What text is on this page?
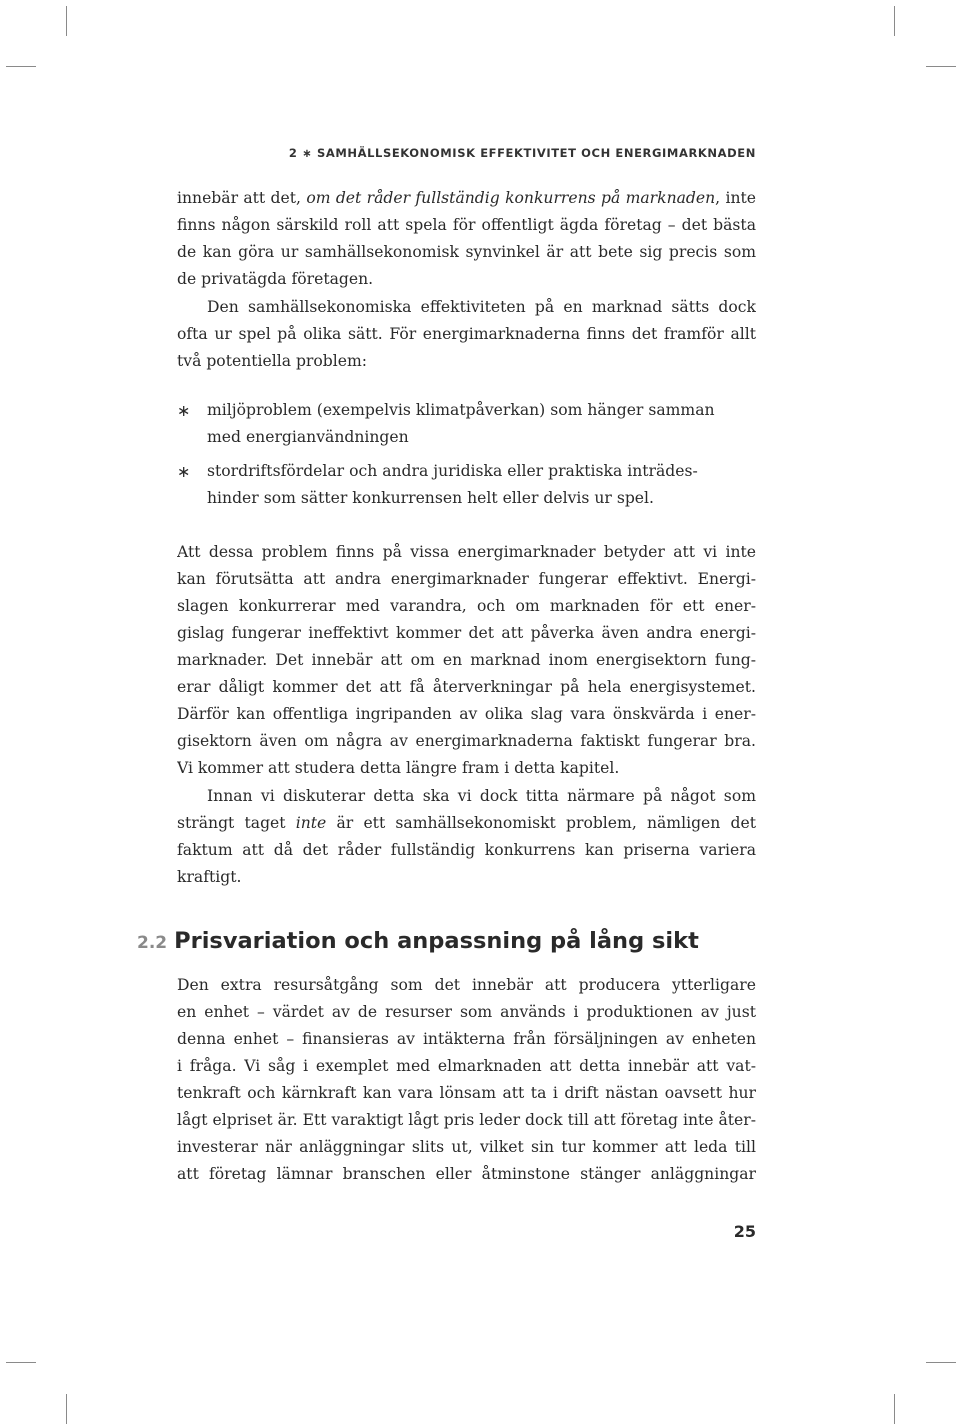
2 ∗ SAMHÄLLSEKONOMISK EFFEKTIVITET OCH ENERGIMARKNADEN
innebär att det, om det råder fullständig konkurrens på marknaden, inte
finns någon särskild roll att spela för offentligt ägda företag – det bästa
de kan göra ur samhällsekonomisk synvinkel är att bete sig precis som
de privatägda företagen.
Den samhällsekonomiska effektiviteten på en marknad sätts dock
ofta ur spel på olika sätt. För energimarknaderna finns det framför allt
två potentiella problem:
∗ miljöproblem (exempelvis klimatpåverkan) som hänger samman
med energianvändningen
∗ stordriftsfördelar och andra juridiska eller praktiska inträdes-
hinder som sätter konkurrensen helt eller delvis ur spel.
Att dessa problem finns på vissa energimarknader betyder att vi inte
kan förutsätta att andra energimarknader fungerar effektivt. Energi-
slagen konkurrerar med varandra, och om marknaden för ett ener-
gislag fungerar ineffektivt kommer det att påverka även andra energi-
marknader. Det innebär att om en marknad inom energisektorn fung-
erar dåligt kommer det att få återverkningar på hela energisystemet.
Därför kan offentliga ingripanden av olika slag vara önskvärda i ener-
gisektorn även om några av energimarknaderna faktiskt fungerar bra.
Vi kommer att studera detta längre fram i detta kapitel.
Innan vi diskuterar detta ska vi dock titta närmare på något som
strängt taget inte är ett samhällsekonomiskt problem, nämligen det
faktum att då det råder fullständig konkurrens kan priserna variera
kraftigt.
2.2 Prisvariation och anpassning på lång sikt
Den extra resursåtgång som det innebär att producera ytterligare
en enhet – värdet av de resurser som används i produktionen av just
denna enhet – finansieras av intäkterna från försäljningen av enheten
i fråga. Vi såg i exemplet med elmarknaden att detta innebär att vat-
tenkraft och kärnkraft kan vara lönsam att ta i drift nästan oavsett hur
lågt elpriset är. Ett varaktigt lågt pris leder dock till att företag inte åter-
investerar när anläggningar slits ut, vilket sin tur kommer att leda till
att företag lämnar branschen eller åtminstone stänger anläggningar
25
